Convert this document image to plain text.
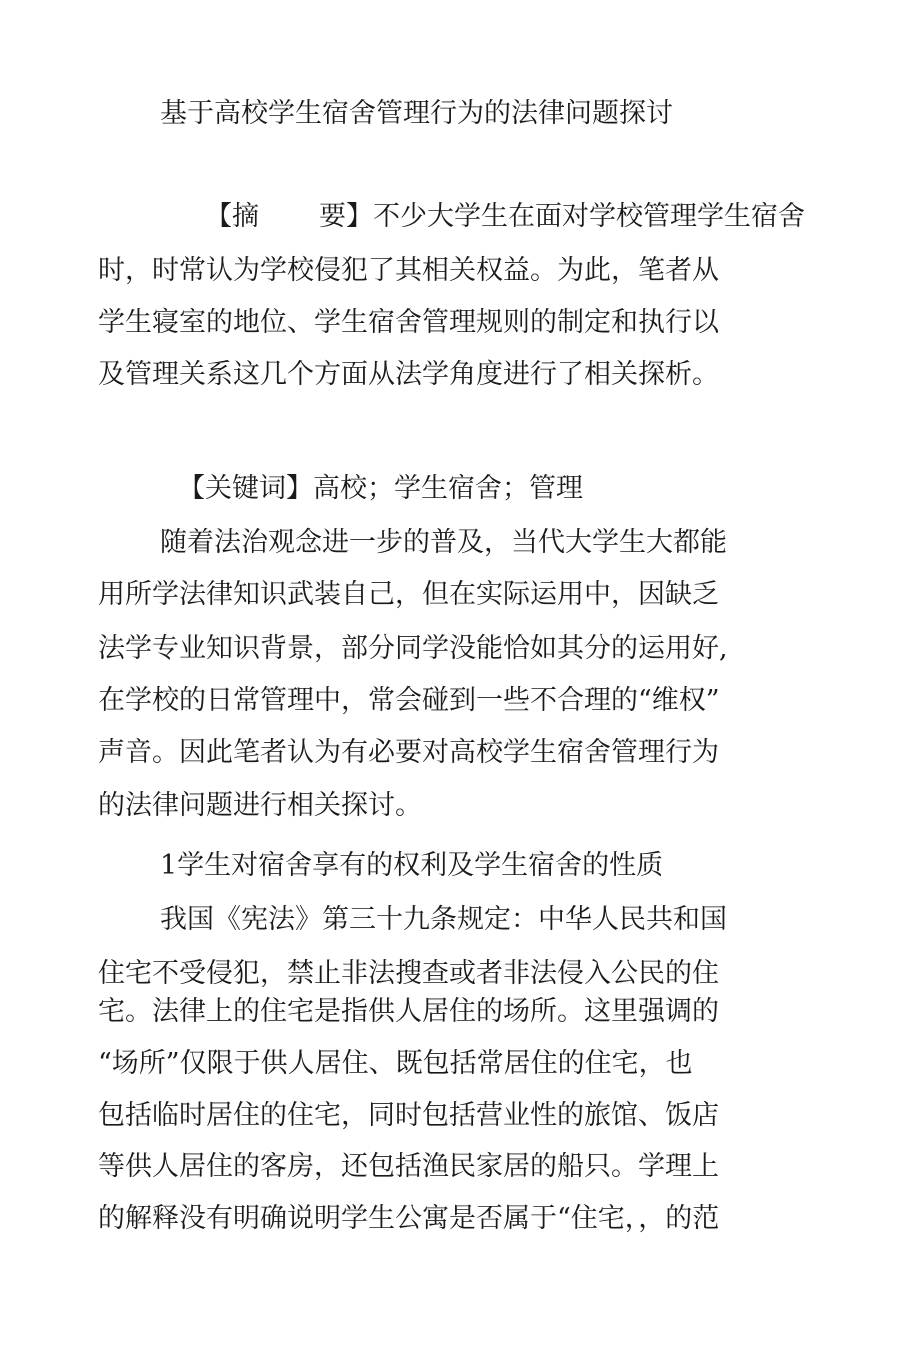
基于高校学生宿舍管理行为的法律问题探讨
【摘 要】不少大学生在面对学校管理学生宿舍
时，时常认为学校侵犯了其相关权益。为此，笔者从
学生寝室的地位、学生宿舍管理规则的制定和执行以
及管理关系这几个方面从法学角度进行了相关探析。
【关键词】高校；学生宿舍；管理
随着法治观念进一步的普及，当代大学生大都能
用所学法律知识武装自己，但在实际运用中，因缺乏
法学专业知识背景，部分同学没能恰如其分的运用好,
在学校的日常管理中，常会碰到一些不合理的“维权”
声音。因此笔者认为有必要对高校学生宿舍管理行为
的法律问题进行相关探讨。
1学生对宿舍享有的权利及学生宿舍的性质
我国《宪法》第三十九条规定：中华人民共和国
住宅不受侵犯，禁止非法搜查或者非法侵入公民的住
宅。法律上的住宅是指供人居住的场所。这里强调的
“场所”仅限于供人居住、既包括常居住的住宅，也
包括临时居住的住宅，同时包括营业性的旅馆、饭店
等供人居住的客房，还包括渔民家居的船只。学理上
的解释没有明确说明学生公寓是否属于“住宅，，的范
